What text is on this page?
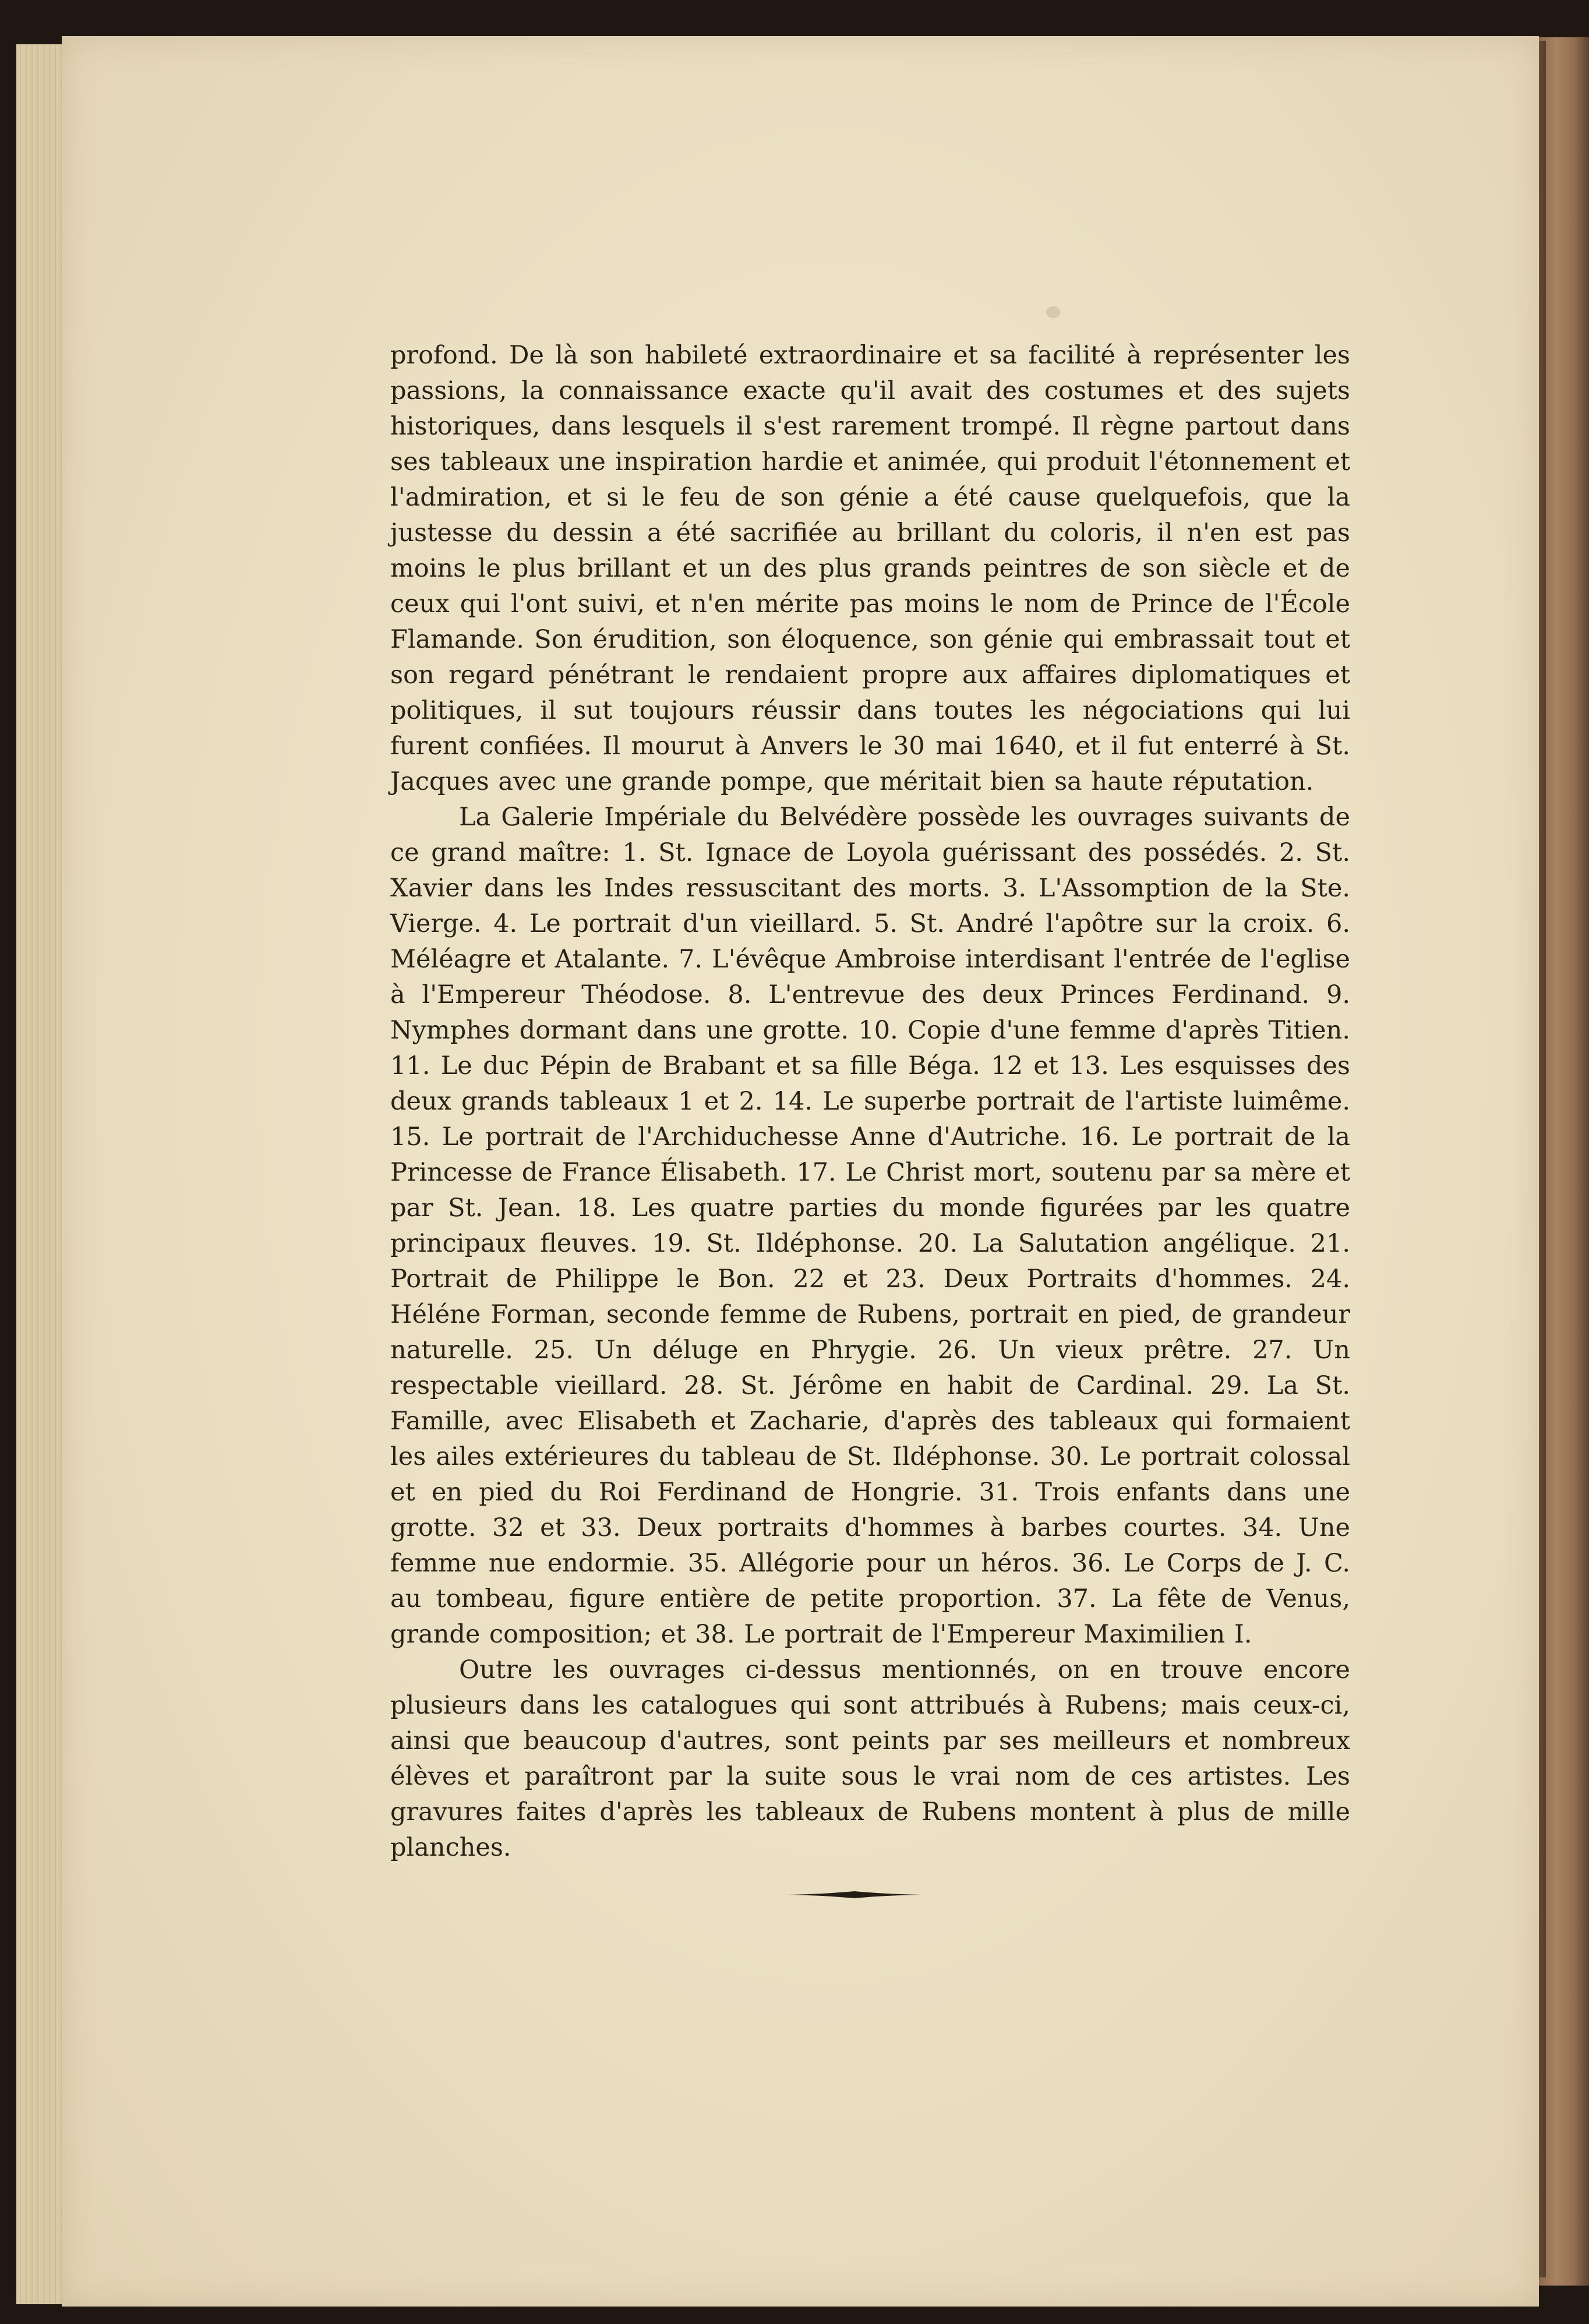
profond. De là son habileté extraordinaire et sa facilité à représenter les passions, la connaissance exacte qu'il avait des costumes et des sujets historiques, dans lesquels il s'est rarement trompé. Il règne partout dans ses tableaux une inspiration hardie et animée, qui produit l'étonnement et l'admiration, et si le feu de son génie a été cause quelquefois, que la justesse du dessin a été sacrifiée au brillant du coloris, il n'en est pas moins le plus brillant et un des plus grands peintres de son siècle et de ceux qui l'ont suivi, et n'en mérite pas moins le nom de Prince de l'École Flamande. Son érudition, son éloquence, son génie qui embrassait tout et son regard pénétrant le rendaient propre aux affaires diplomatiques et politiques, il sut toujours réussir dans toutes les négociations qui lui furent confiées. Il mourut à Anvers le 30 mai 1640, et il fut enterré à St. Jacques avec une grande pompe, que méritait bien sa haute réputation.

La Galerie Impériale du Belvédère possède les ouvrages suivants de ce grand maître: 1. St. Ignace de Loyola guérissant des possédés. 2. St. Xavier dans les Indes ressuscitant des morts. 3. L'Assomption de la Ste. Vierge. 4. Le portrait d'un vieillard. 5. St. André l'apôtre sur la croix. 6. Méléagre et Atalante. 7. L'évêque Ambroise interdisant l'entrée de l'eglise à l'Empereur Théodose. 8. L'entrevue des deux Princes Ferdinand. 9. Nymphes dormant dans une grotte. 10. Copie d'une femme d'après Titien. 11. Le duc Pépin de Brabant et sa fille Béga. 12 et 13. Les esquisses des deux grands tableaux 1 et 2. 14. Le superbe portrait de l'artiste luimême. 15. Le portrait de l'Archiduchesse Anne d'Autriche. 16. Le portrait de la Princesse de France Élisabeth. 17. Le Christ mort, soutenu par sa mère et par St. Jean. 18. Les quatre parties du monde figurées par les quatre principaux fleuves. 19. St. Ildéphonse. 20. La Salutation angélique. 21. Portrait de Philippe le Bon. 22 et 23. Deux Portraits d'hommes. 24. Héléne Forman, seconde femme de Rubens, portrait en pied, de grandeur naturelle. 25. Un déluge en Phrygie. 26. Un vieux prêtre. 27. Un respectable vieillard. 28. St. Jérôme en habit de Cardinal. 29. La St. Famille, avec Elisabeth et Zacharie, d'après des tableaux qui formaient les ailes extérieures du tableau de St. Ildéphonse. 30. Le portrait colossal et en pied du Roi Ferdinand de Hongrie. 31. Trois enfants dans une grotte. 32 et 33. Deux portraits d'hommes à barbes courtes. 34. Une femme nue endormie. 35. Allégorie pour un héros. 36. Le Corps de J. C. au tombeau, figure entière de petite proportion. 37. La fête de Venus, grande composition; et 38. Le portrait de l'Empereur Maximilien I.

Outre les ouvrages ci-dessus mentionnés, on en trouve encore plusieurs dans les catalogues qui sont attribués à Rubens; mais ceux-ci, ainsi que beaucoup d'autres, sont peints par ses meilleurs et nombreux élèves et paraîtront par la suite sous le vrai nom de ces artistes. Les gravures faites d'après les tableaux de Rubens montent à plus de mille planches.
